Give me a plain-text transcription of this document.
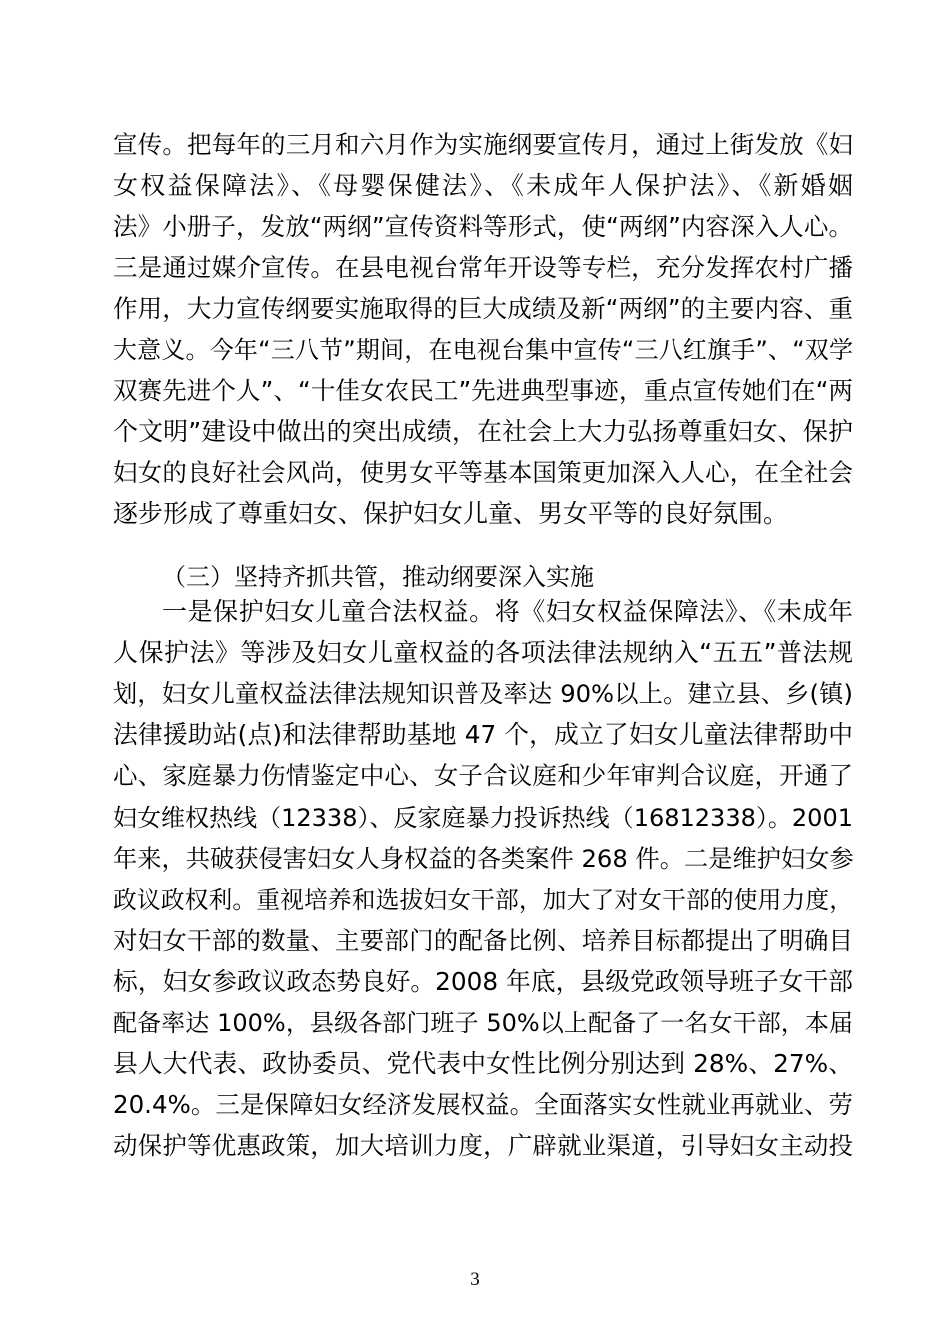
宣传。把每年的三月和六月作为实施纲要宣传月，通过上街发放《妇
女权益保障法》、《母婴保健法》、《未成年人保护法》、《新婚姻
法》小册子，发放“两纲”宣传资料等形式，使“两纲”内容深入人心。
三是通过媒介宣传。在县电视台常年开设等专栏，充分发挥农村广播
作用，大力宣传纲要实施取得的巨大成绩及新“两纲”的主要内容、重
大意义。今年“三八节”期间，在电视台集中宣传“三八红旗手”、“双学
双赛先进个人”、“十佳女农民工”先进典型事迹，重点宣传她们在“两
个文明”建设中做出的突出成绩，在社会上大力弘扬尊重妇女、保护
妇女的良好社会风尚，使男女平等基本国策更加深入人心，在全社会
逐步形成了尊重妇女、保护妇女儿童、男女平等的良好氛围。
（三）坚持齐抓共管，推动纲要深入实施
一是保护妇女儿童合法权益。将《妇女权益保障法》、《未成年
人保护法》等涉及妇女儿童权益的各项法律法规纳入“五五”普法规
划，妇女儿童权益法律法规知识普及率达 90%以上。建立县、乡(镇)
法律援助站(点)和法律帮助基地 47 个，成立了妇女儿童法律帮助中
心、家庭暴力伤情鉴定中心、女子合议庭和少年审判合议庭，开通了
妇女维权热线（12338）、反家庭暴力投诉热线（16812338）。2001
年来，共破获侵害妇女人身权益的各类案件 268 件。二是维护妇女参
政议政权利。重视培养和选拔妇女干部，加大了对女干部的使用力度，
对妇女干部的数量、主要部门的配备比例、培养目标都提出了明确目
标，妇女参政议政态势良好。2008 年底，县级党政领导班子女干部
配备率达 100%，县级各部门班子 50%以上配备了一名女干部，本届
县人大代表、政协委员、党代表中女性比例分别达到 28%、27%、
20.4%。三是保障妇女经济发展权益。全面落实女性就业再就业、劳
动保护等优惠政策，加大培训力度，广辟就业渠道，引导妇女主动投
3
